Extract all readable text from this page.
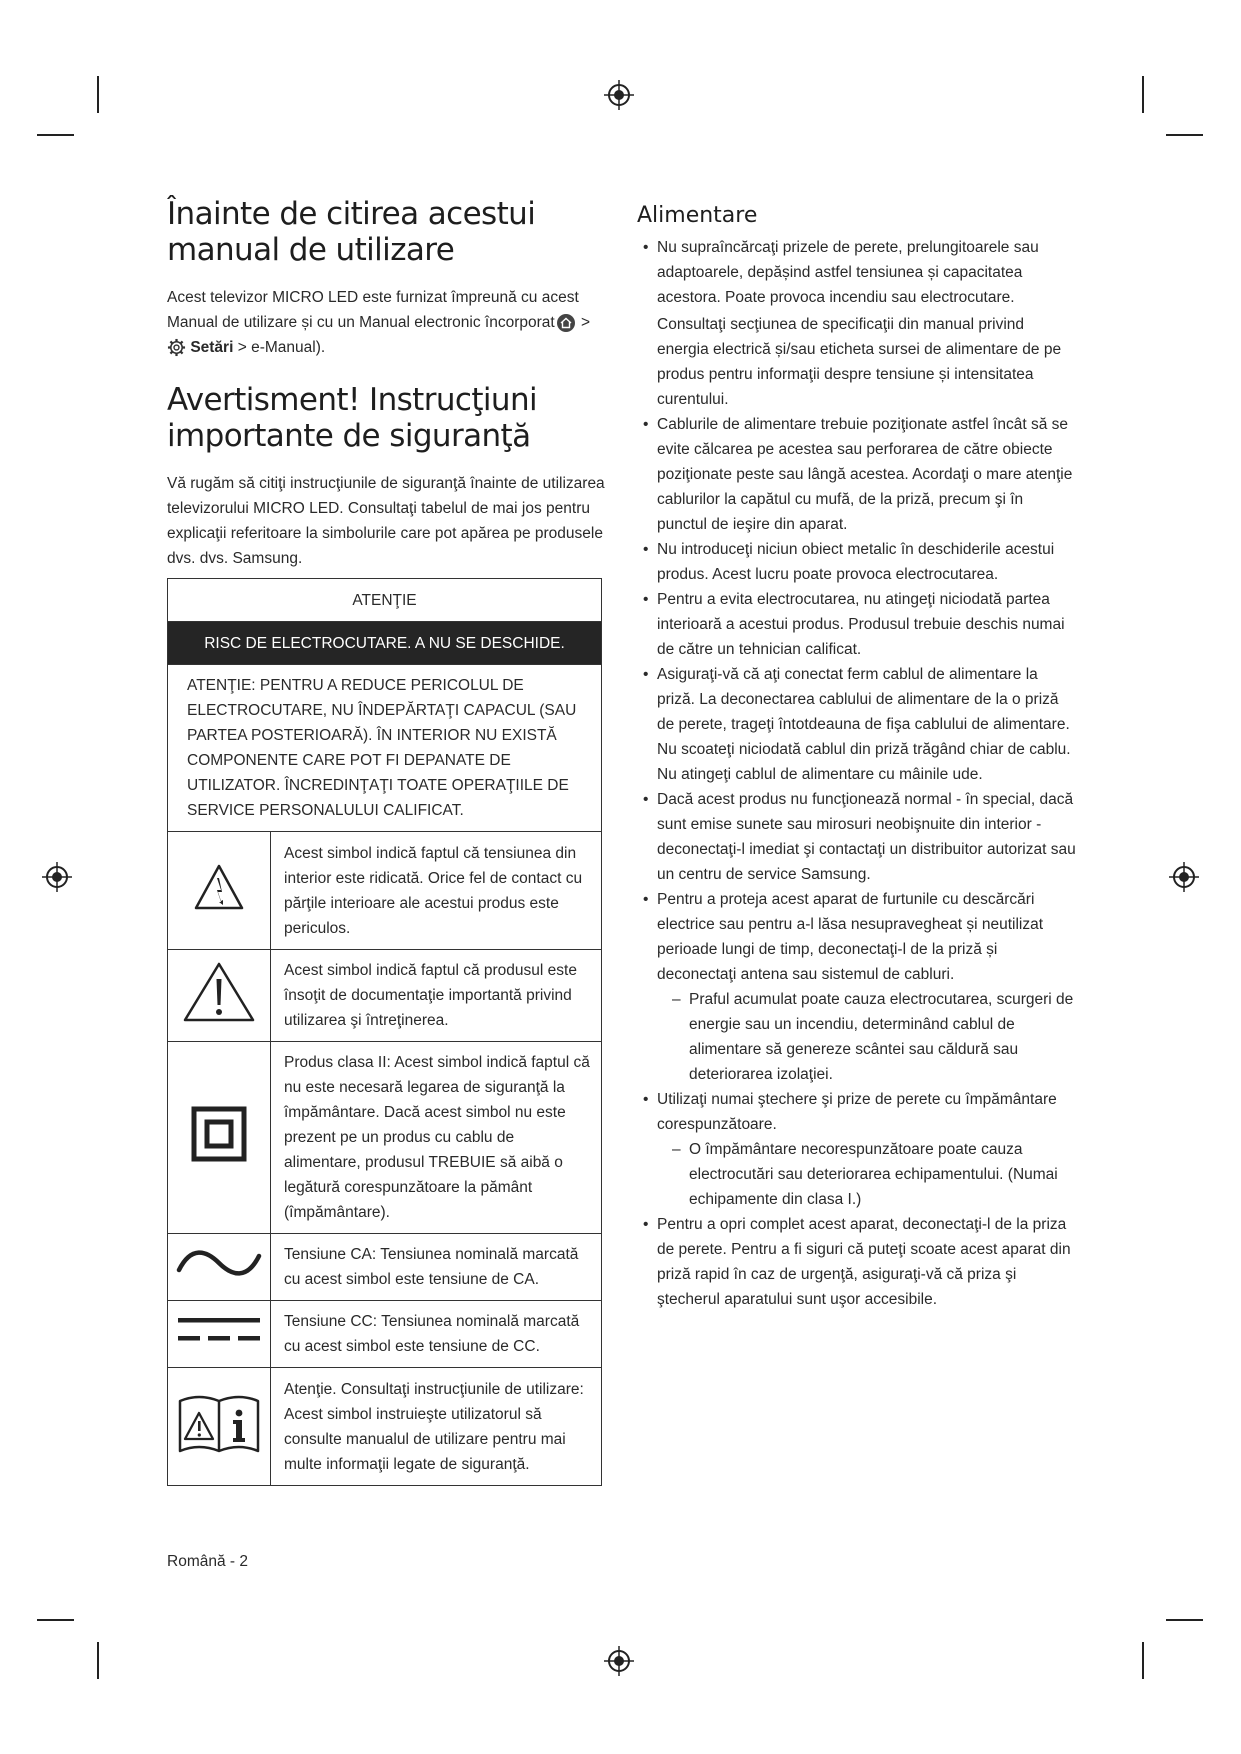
Înainte de citirea acestui manual de utilizare

Acest televizor MICRO LED este furnizat împreună cu acest Manual de utilizare și cu un Manual electronic încorporat
>
Setări > e-Manual).

Avertisment! Instrucţiuni importante de siguranţă

Vă rugăm să citiţi instrucţiunile de siguranţă înainte de utilizarea televizorului MICRO LED. Consultaţi tabelul de mai jos pentru explicaţii referitoare la simbolurile care pot apărea pe produsele dvs. dvs. Samsung.

ATENŢIE	
RISC DE ELECTROCUTARE. A NU SE DESCHIDE.	
ATENŢIE: PENTRU A REDUCE PERICOLUL DE ELECTROCUTARE, NU ÎNDEPĂRTAŢI CAPACUL (SAU PARTEA POSTERIOARĂ). ÎN INTERIOR NU EXISTĂ COMPONENTE CARE POT FI DEPANATE DE UTILIZATOR. ÎNCREDINŢAŢI TOATE OPERAŢIILE DE SERVICE PERSONALULUI CALIFICAT.	
	Acest simbol indică faptul că tensiunea din interior este ridicată. Orice fel de contact cu părţile interioare ale acestui produs este periculos.
	Acest simbol indică faptul că produsul este însoţit de documentaţie importantă privind utilizarea şi întreţinerea.
	Produs clasa II: Acest simbol indică faptul că nu este necesară legarea de siguranţă la împământare. Dacă acest simbol nu este prezent pe un produs cu cablu de alimentare, produsul TREBUIE să aibă o legătură corespunzătoare la pământ (împământare).
	Tensiune CA: Tensiunea nominală marcată cu acest simbol este tensiune de CA.
	Tensiune CC: Tensiunea nominală marcată cu acest simbol este tensiune de CC.
	Atenţie. Consultaţi instrucţiunile de utilizare: Acest simbol instruieşte utilizatorul să consulte manualul de utilizare pentru mai multe informaţii legate de siguranţă.
Alimentare
• Nu supraîncărcaţi prizele de perete, prelungitoarele sau adaptoarele, depășind astfel tensiunea și capacitatea acestora. Poate provoca incendiu sau electrocutare.
Consultaţi secţiunea de specificaţii din manual privind energia electrică și/sau eticheta sursei de alimentare de pe produs pentru informaţii despre tensiune și intensitatea curentului.
• Cablurile de alimentare trebuie poziţionate astfel încât să se evite călcarea pe acestea sau perforarea de către obiecte poziţionate peste sau lângă acestea. Acordaţi o mare atenţie cablurilor la capătul cu mufă, de la priză, precum şi în punctul de ieşire din aparat.
• Nu introduceţi niciun obiect metalic în deschiderile acestui produs. Acest lucru poate provoca electrocutarea.
• Pentru a evita electrocutarea, nu atingeţi niciodată partea interioară a acestui produs. Produsul trebuie deschis numai de către un tehnician calificat.
• Asiguraţi-vă că aţi conectat ferm cablul de alimentare la priză. La deconectarea cablului de alimentare de la o priză de perete, trageţi întotdeauna de fişa cablului de alimentare. Nu scoateţi niciodată cablul din priză trăgând chiar de cablu. Nu atingeţi cablul de alimentare cu mâinile ude.
• Dacă acest produs nu funcţionează normal - în special, dacă sunt emise sunete sau mirosuri neobişnuite din interior - deconectaţi-l imediat şi contactaţi un distribuitor autorizat sau un centru de service Samsung.
• Pentru a proteja acest aparat de furtunile cu descărcări electrice sau pentru a-l lăsa nesupravegheat și neutilizat perioade lungi de timp, deconectaţi-l de la priză și deconectaţi antena sau sistemul de cabluri.
– Praful acumulat poate cauza electrocutarea, scurgeri de energie sau un incendiu, determinând cablul de alimentare să genereze scântei sau căldură sau deteriorarea izolaţiei.
• Utilizaţi numai ştechere şi prize de perete cu împământare corespunzătoare.
– O împământare necorespunzătoare poate cauza electrocutări sau deteriorarea echipamentului. (Numai echipamente din clasa I.)
• Pentru a opri complet acest aparat, deconectaţi-l de la priza de perete. Pentru a fi siguri că puteţi scoate acest aparat din priză rapid în caz de urgenţă, asiguraţi-vă că priza şi ştecherul aparatului sunt uşor accesibile.
Română - 2
